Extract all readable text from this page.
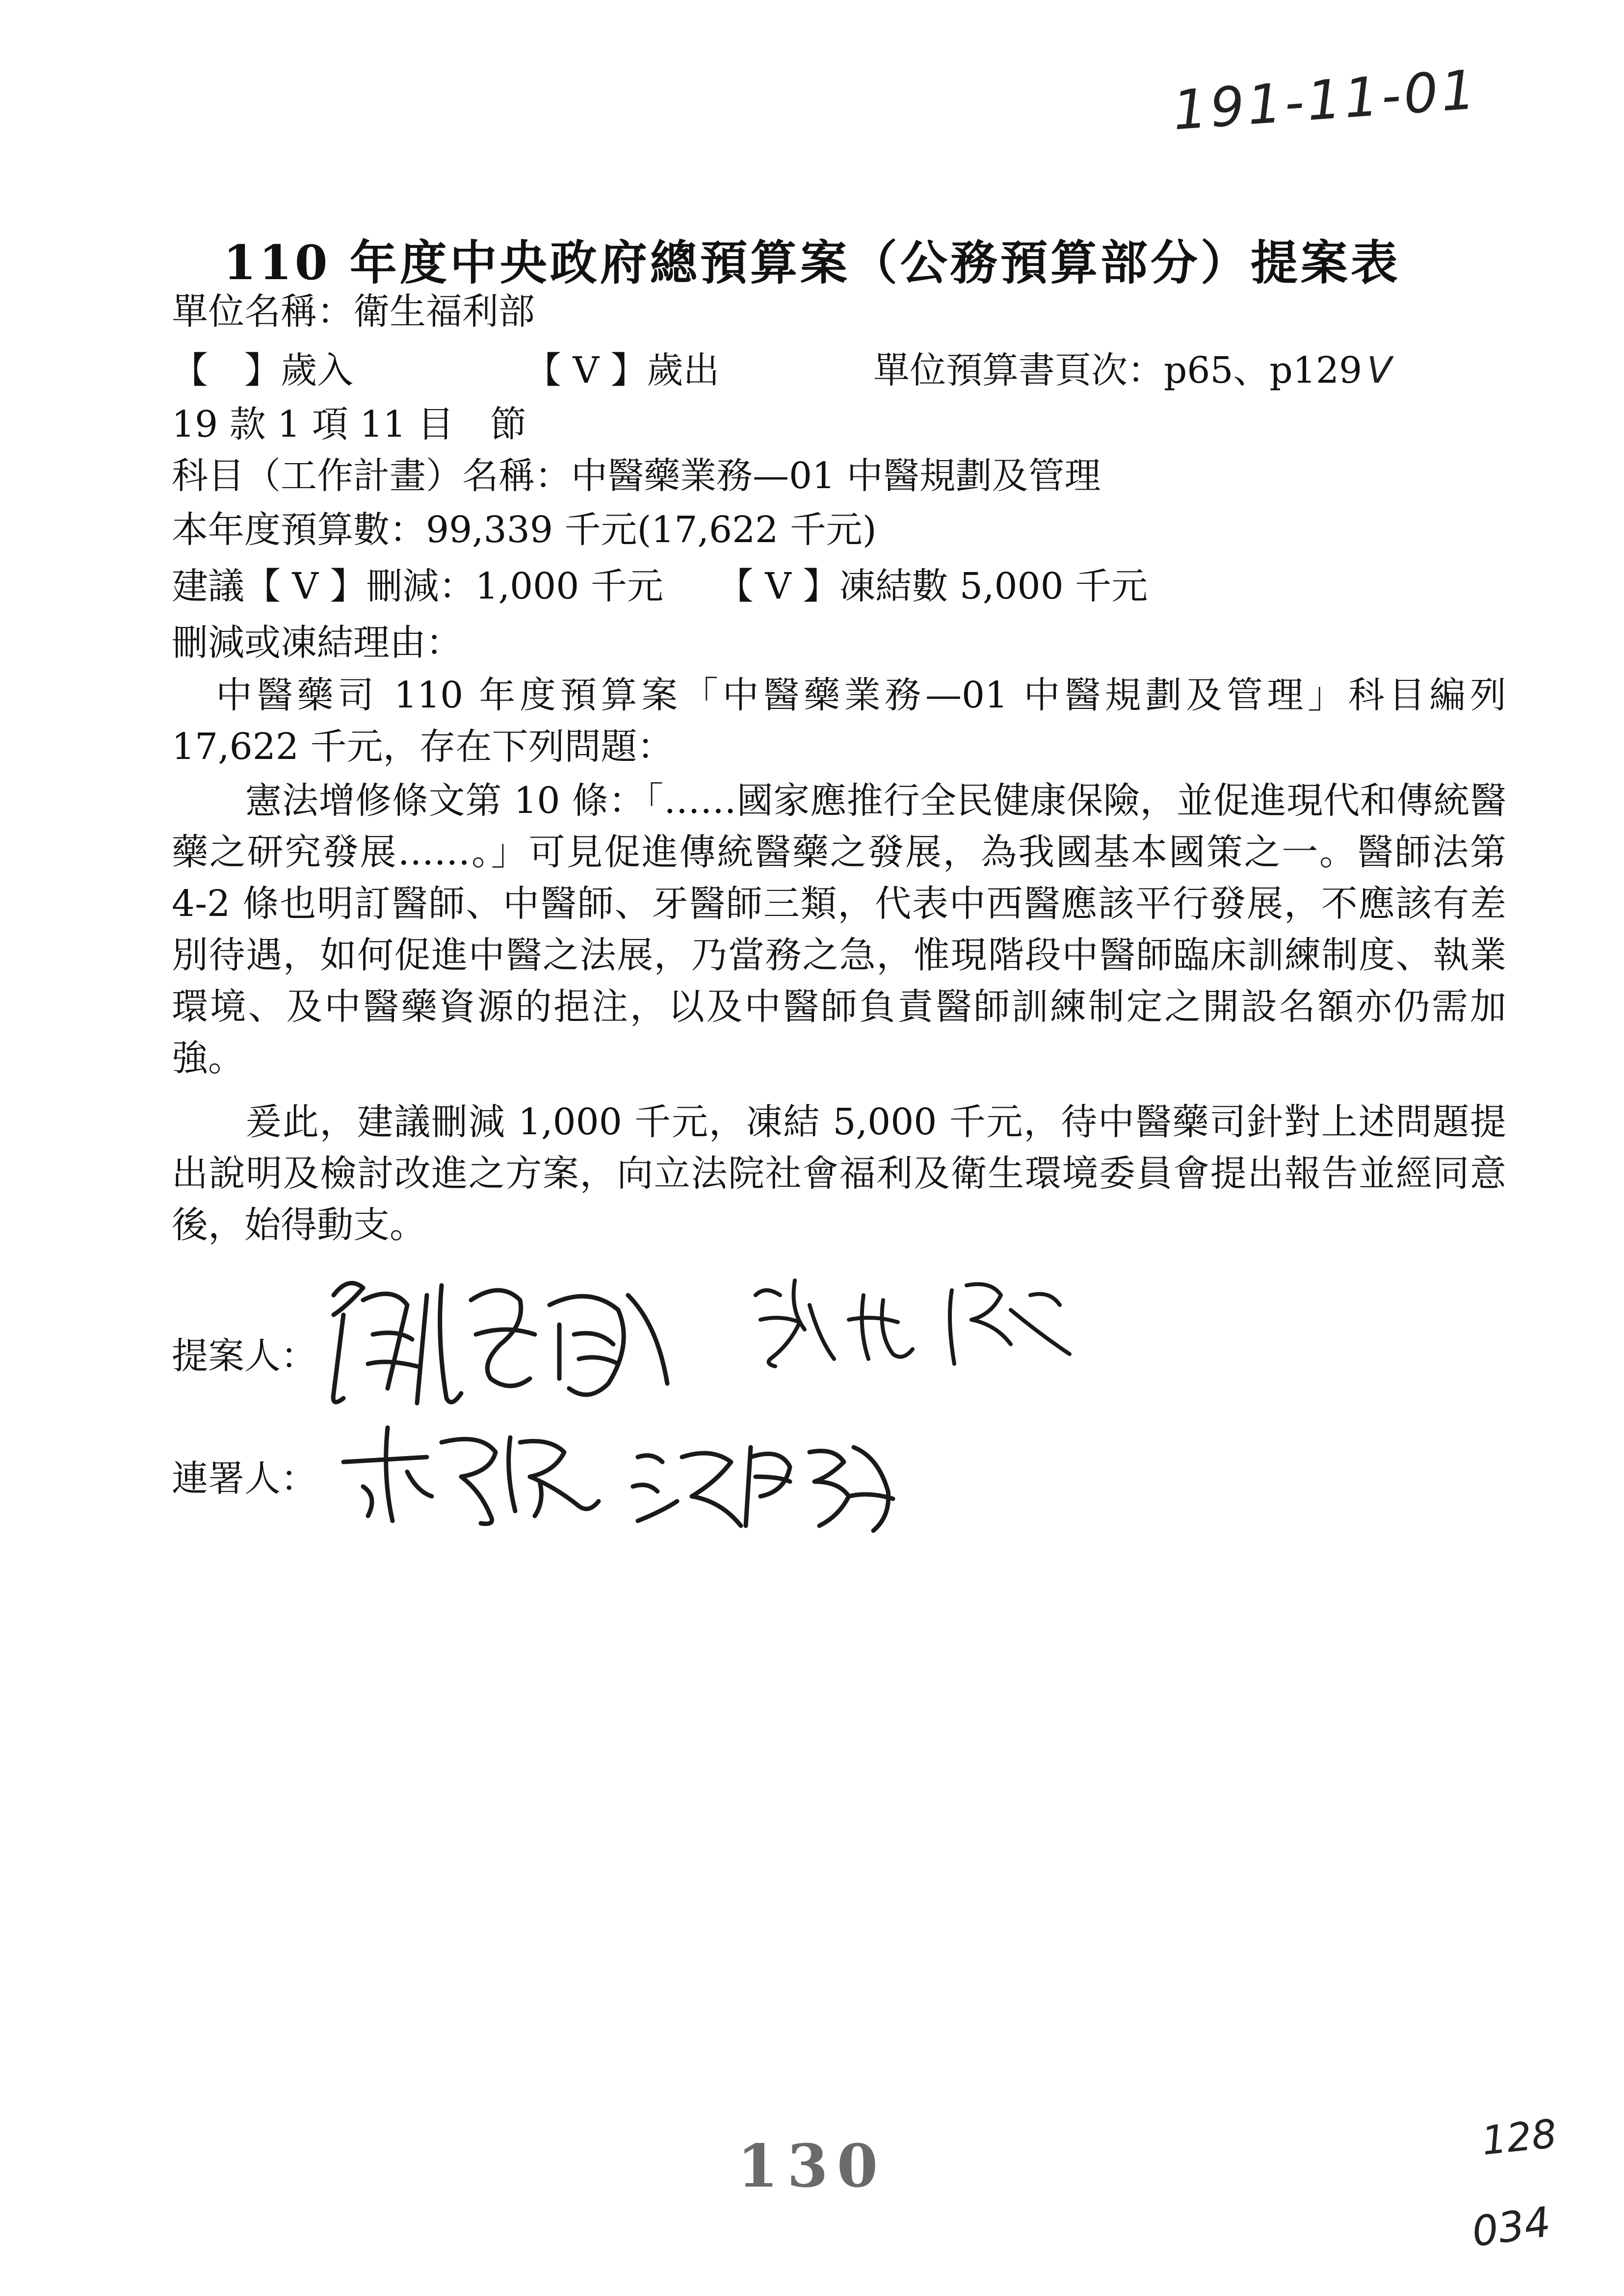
191-11-01
110 年度中央政府總預算案（公務預算部分）提案表
單位名稱：衛生福利部
【　】歲入	【 V 】歲出	單位預算書頁次：p65、p129 V
19 款 1 項 11 目　節
科目（工作計畫）名稱：中醫藥業務—01 中醫規劃及管理
本年度預算數：99,339 千元(17,622 千元)
建議【 V 】刪減：1,000 千元 【 V 】凍結數 5,000 千元
刪減或凍結理由：

中醫藥司 110 年度預算案「中醫藥業務—01 中醫規劃及管理」科目編列 17,622 千元，存在下列問題：

憲法增修條文第 10 條：「……國家應推行全民健康保險，並促進現代和傳統醫藥之研究發展……。」可見促進傳統醫藥之發展，為我國基本國策之一。醫師法第 4-2 條也明訂醫師、中醫師、牙醫師三類，代表中西醫應該平行發展，不應該有差別待遇，如何促進中醫之法展，乃當務之急，惟現階段中醫師臨床訓練制度、執業環境、及中醫藥資源的挹注，以及中醫師負責醫師訓練制定之開設名額亦仍需加強。

爰此，建議刪減 1,000 千元，凍結 5,000 千元，待中醫藥司針對上述問題提出說明及檢討改進之方案，向立法院社會福利及衛生環境委員會提出報告並經同意後，始得動支。

提案人：
連署人：
130	128
034
